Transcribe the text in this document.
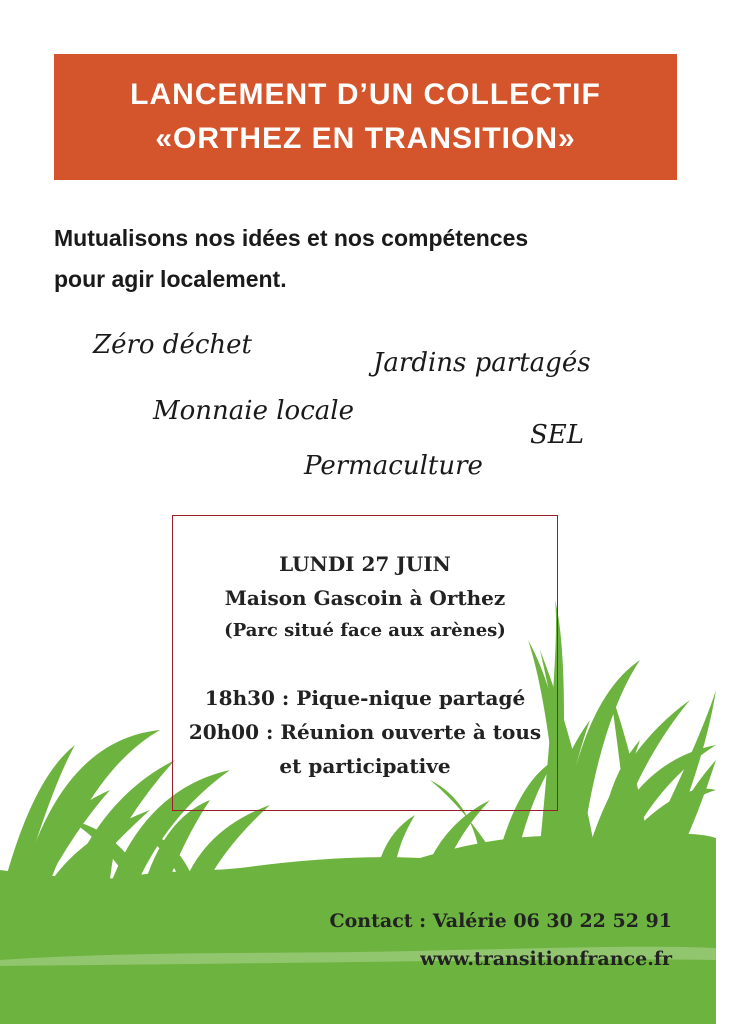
LANCEMENT D’UN COLLECTIF
«ORTHEZ EN TRANSITION»
Mutualisons nos idées et nos compétences
pour agir localement.
Zéro déchet
Jardins partagés
Monnaie locale
SEL
Permaculture
LUNDI 27 JUIN
Maison Gascoin à Orthez
(Parc situé face aux arènes)
18h30 : Pique-nique partagé
20h00 : Réunion ouverte à tous
et participative
Contact : Valérie 06 30 22 52 91
www.transitionfrance.fr
